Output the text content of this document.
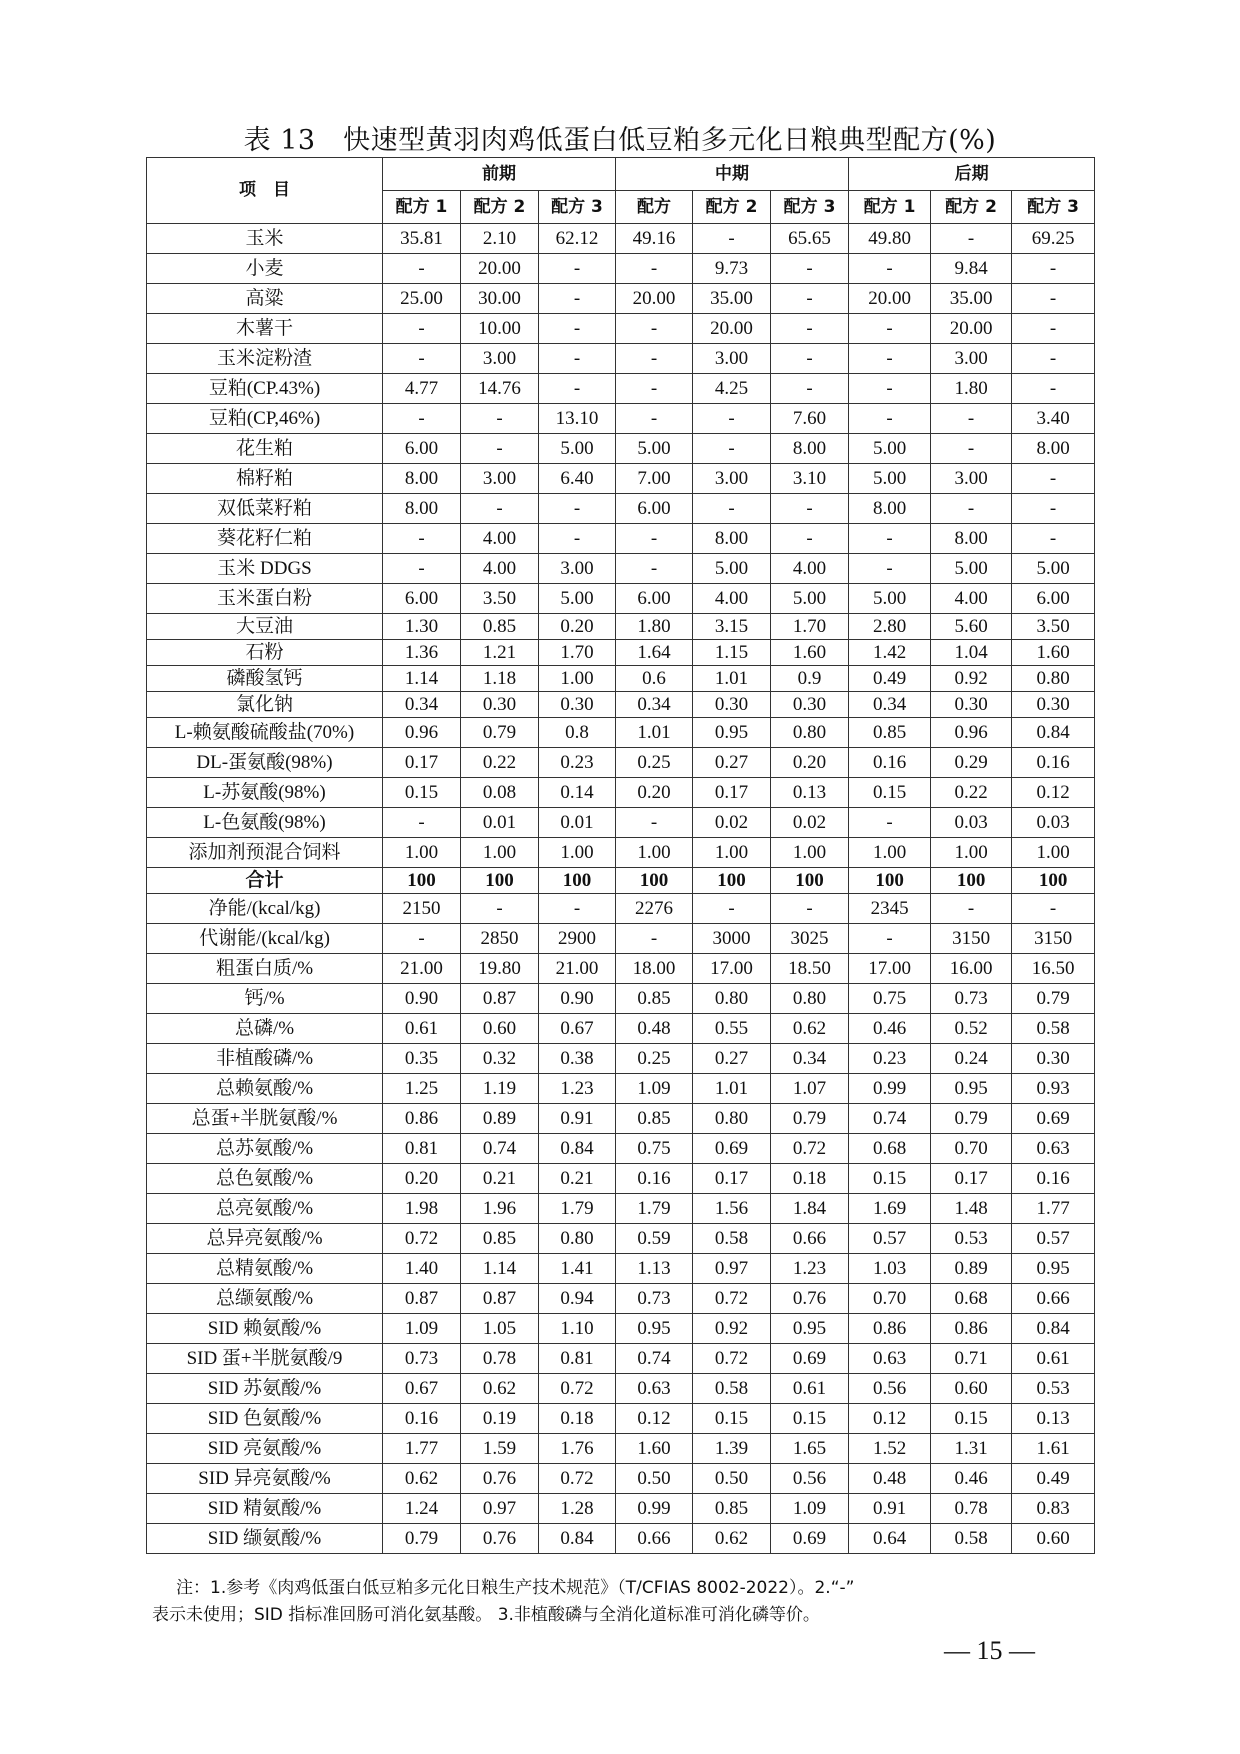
表 13　快速型黄羽肉鸡低蛋白低豆粕多元化日粮典型配方(%)
项　目	前期			中期			后期		
	配方 1	配方 2	配方 3	配方	配方 2	配方 3	配方 1	配方 2	配方 3
玉米	35.81	2.10	62.12	49.16	-	65.65	49.80	-	69.25
小麦	-	20.00	-	-	9.73	-	-	9.84	-
高粱	25.00	30.00	-	20.00	35.00	-	20.00	35.00	-
木薯干	-	10.00	-	-	20.00	-	-	20.00	-
玉米淀粉渣	-	3.00	-	-	3.00	-	-	3.00	-
豆粕(CP.43%)	4.77	14.76	-	-	4.25	-	-	1.80	-
豆粕(CP,46%)	-	-	13.10	-	-	7.60	-	-	3.40
花生粕	6.00	-	5.00	5.00	-	8.00	5.00	-	8.00
棉籽粕	8.00	3.00	6.40	7.00	3.00	3.10	5.00	3.00	-
双低菜籽粕	8.00	-	-	6.00	-	-	8.00	-	-
葵花籽仁粕	-	4.00	-	-	8.00	-	-	8.00	-
玉米 DDGS	-	4.00	3.00	-	5.00	4.00	-	5.00	5.00
玉米蛋白粉	6.00	3.50	5.00	6.00	4.00	5.00	5.00	4.00	6.00
大豆油	1.30	0.85	0.20	1.80	3.15	1.70	2.80	5.60	3.50
石粉	1.36	1.21	1.70	1.64	1.15	1.60	1.42	1.04	1.60
磷酸氢钙	1.14	1.18	1.00	0.6	1.01	0.9	0.49	0.92	0.80
氯化钠	0.34	0.30	0.30	0.34	0.30	0.30	0.34	0.30	0.30
L-赖氨酸硫酸盐(70%)	0.96	0.79	0.8	1.01	0.95	0.80	0.85	0.96	0.84
DL-蛋氨酸(98%)	0.17	0.22	0.23	0.25	0.27	0.20	0.16	0.29	0.16
L-苏氨酸(98%)	0.15	0.08	0.14	0.20	0.17	0.13	0.15	0.22	0.12
L-色氨酸(98%)	-	0.01	0.01	-	0.02	0.02	-	0.03	0.03
添加剂预混合饲料	1.00	1.00	1.00	1.00	1.00	1.00	1.00	1.00	1.00
合计	100	100	100	100	100	100	100	100	100
净能/(kcal/kg)	2150	-	-	2276	-	-	2345	-	-
代谢能/(kcal/kg)	-	2850	2900	-	3000	3025	-	3150	3150
粗蛋白质/%	21.00	19.80	21.00	18.00	17.00	18.50	17.00	16.00	16.50
钙/%	0.90	0.87	0.90	0.85	0.80	0.80	0.75	0.73	0.79
总磷/%	0.61	0.60	0.67	0.48	0.55	0.62	0.46	0.52	0.58
非植酸磷/%	0.35	0.32	0.38	0.25	0.27	0.34	0.23	0.24	0.30
总赖氨酸/%	1.25	1.19	1.23	1.09	1.01	1.07	0.99	0.95	0.93
总蛋+半胱氨酸/%	0.86	0.89	0.91	0.85	0.80	0.79	0.74	0.79	0.69
总苏氨酸/%	0.81	0.74	0.84	0.75	0.69	0.72	0.68	0.70	0.63
总色氨酸/%	0.20	0.21	0.21	0.16	0.17	0.18	0.15	0.17	0.16
总亮氨酸/%	1.98	1.96	1.79	1.79	1.56	1.84	1.69	1.48	1.77
总异亮氨酸/%	0.72	0.85	0.80	0.59	0.58	0.66	0.57	0.53	0.57
总精氨酸/%	1.40	1.14	1.41	1.13	0.97	1.23	1.03	0.89	0.95
总缬氨酸/%	0.87	0.87	0.94	0.73	0.72	0.76	0.70	0.68	0.66
SID 赖氨酸/%	1.09	1.05	1.10	0.95	0.92	0.95	0.86	0.86	0.84
SID 蛋+半胱氨酸/9	0.73	0.78	0.81	0.74	0.72	0.69	0.63	0.71	0.61
SID 苏氨酸/%	0.67	0.62	0.72	0.63	0.58	0.61	0.56	0.60	0.53
SID 色氨酸/%	0.16	0.19	0.18	0.12	0.15	0.15	0.12	0.15	0.13
SID 亮氨酸/%	1.77	1.59	1.76	1.60	1.39	1.65	1.52	1.31	1.61
SID 异亮氨酸/%	0.62	0.76	0.72	0.50	0.50	0.56	0.48	0.46	0.49
SID 精氨酸/%	1.24	0.97	1.28	0.99	0.85	1.09	0.91	0.78	0.83
SID 缬氨酸/%	0.79	0.76	0.84	0.66	0.62	0.69	0.64	0.58	0.60
注：1.参考《肉鸡低蛋白低豆粕多元化日粮生产技术规范》（T/CFIAS 8002-2022）。2.“-”
表示未使用；SID 指标准回肠可消化氨基酸。 3.非植酸磷与全消化道标准可消化磷等价。
— 15 —
